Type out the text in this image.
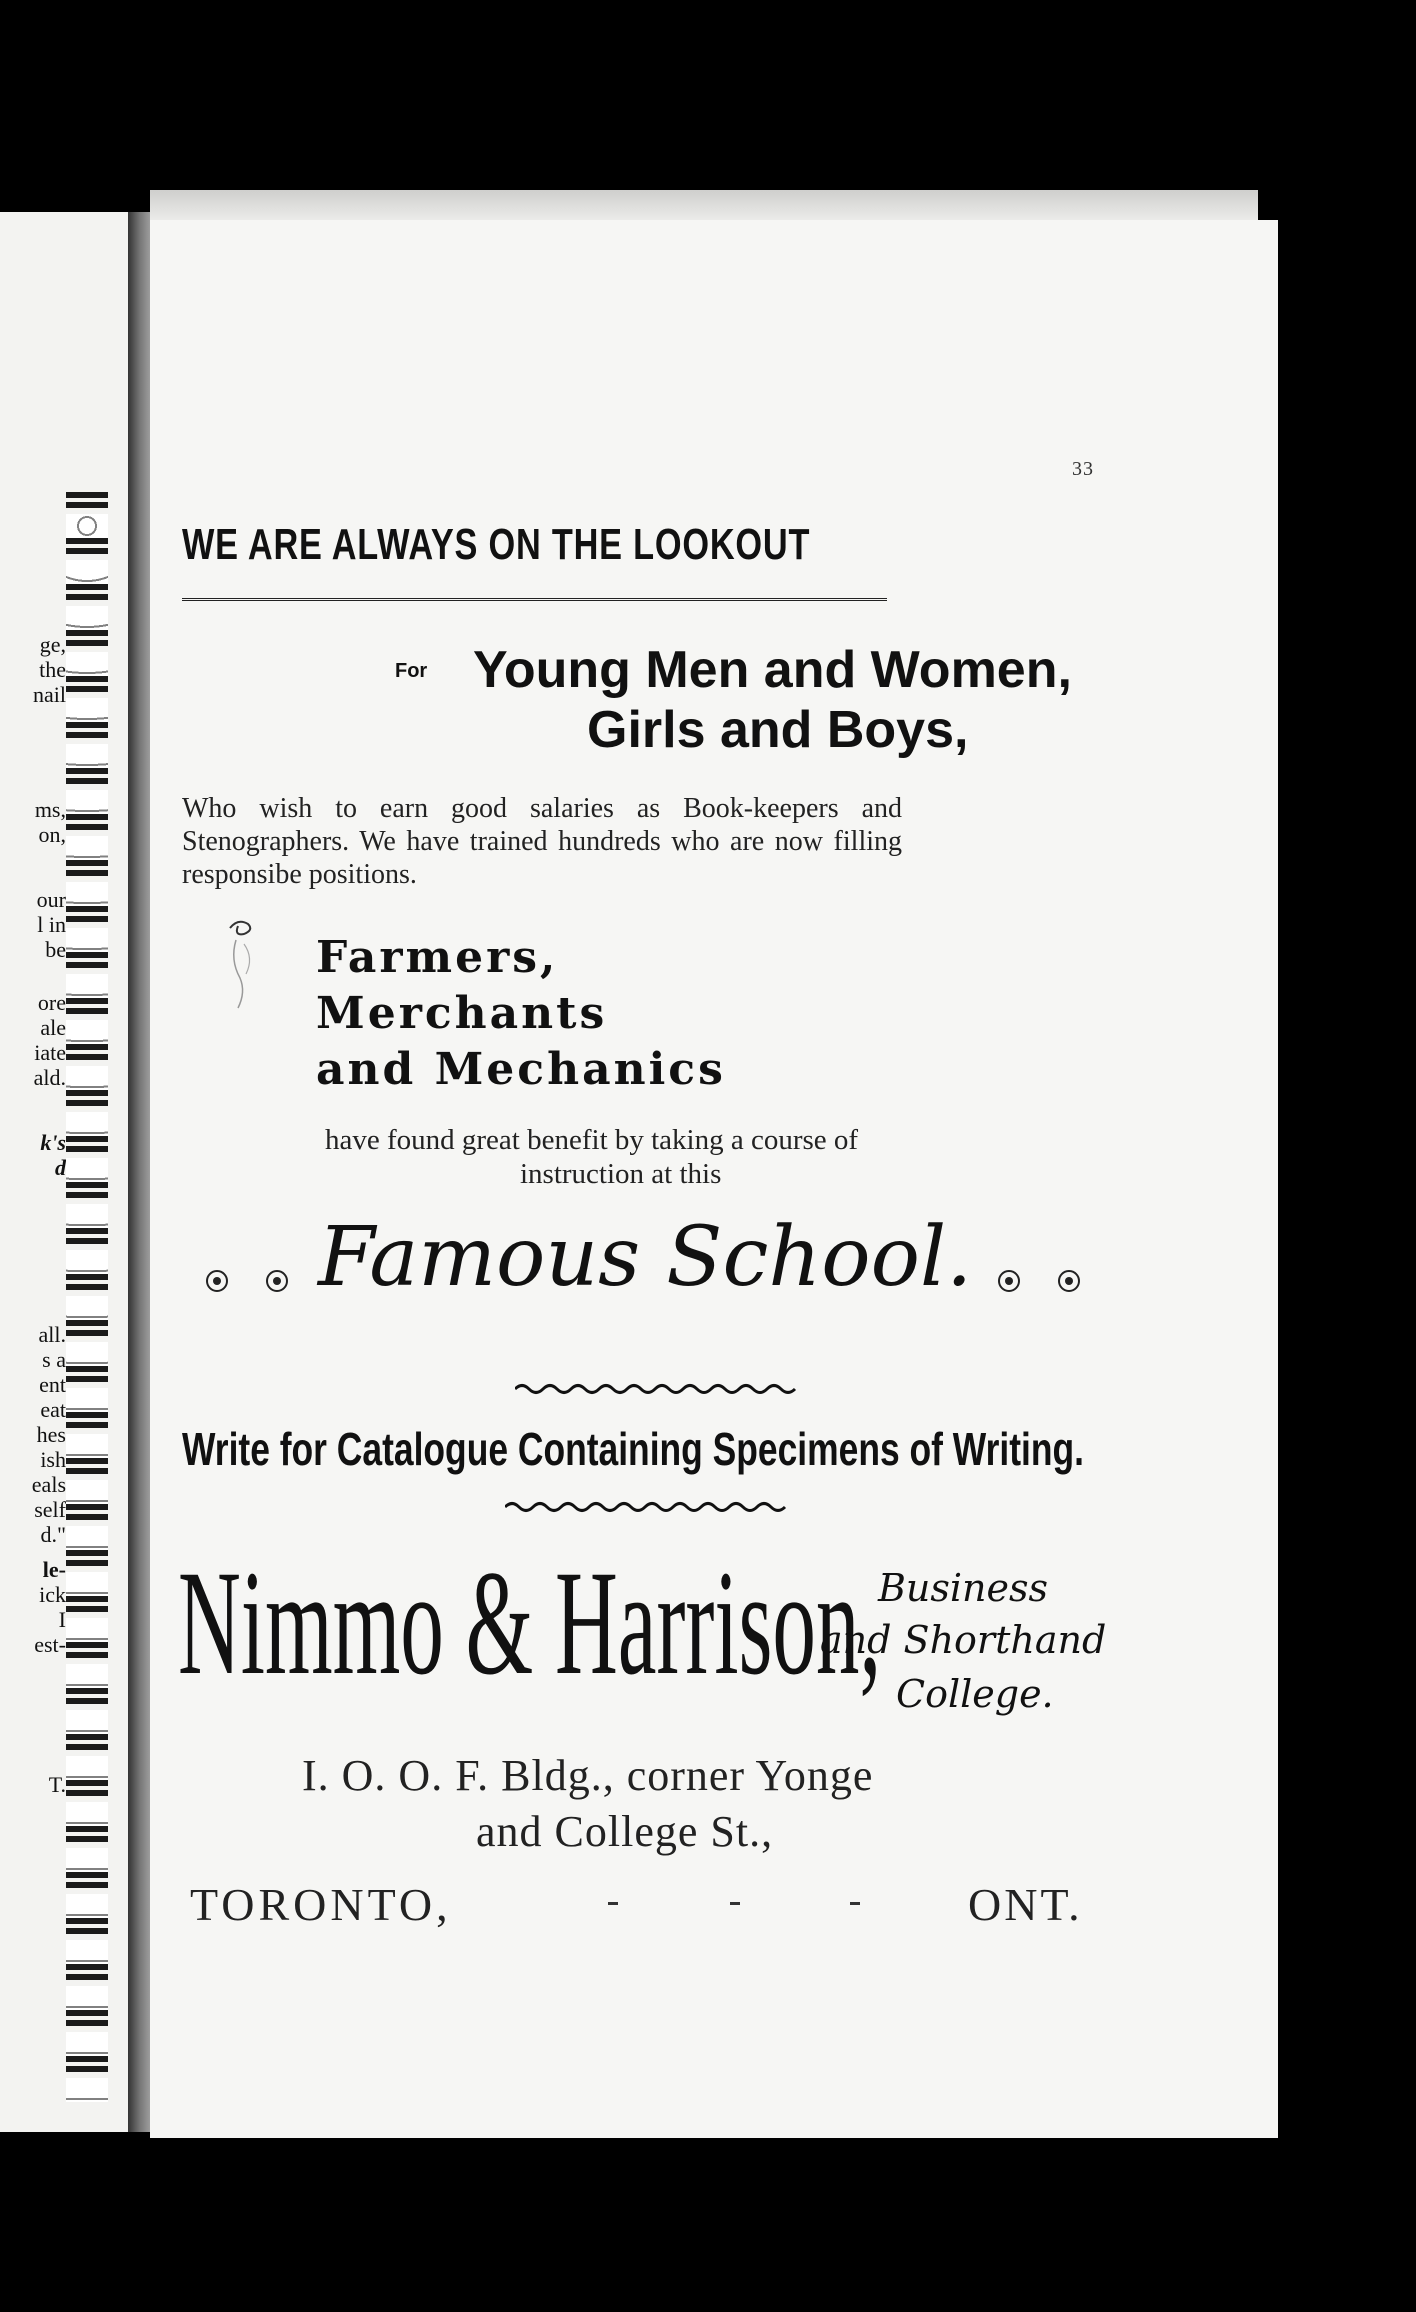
ge,
the
nail
ms,
on,
our
l in
be
ore
ale
iate
ald.
k's
d
all.
s a
ent
eat
hes
ish
eals
self
d."
le-
ick
I
est-
T.
33
WE ARE ALWAYS ON THE LOOKOUT
For Young Men and Women,
Girls and Boys,
Who wish to earn good salaries as Book-keepers and Stenographers. We have trained hundreds who are now filling responsibe positions.
Farmers,
Merchants
and Mechanics
have found great benefit by taking a course of
instruction at this
Famous School.
Write for Catalogue Containing Specimens of Writing.
Nimmo & Harrison,
Business
and Shorthand
College.
I. O. O. F. Bldg., corner Yonge
and College St.,
TORONTO,	ONT.
